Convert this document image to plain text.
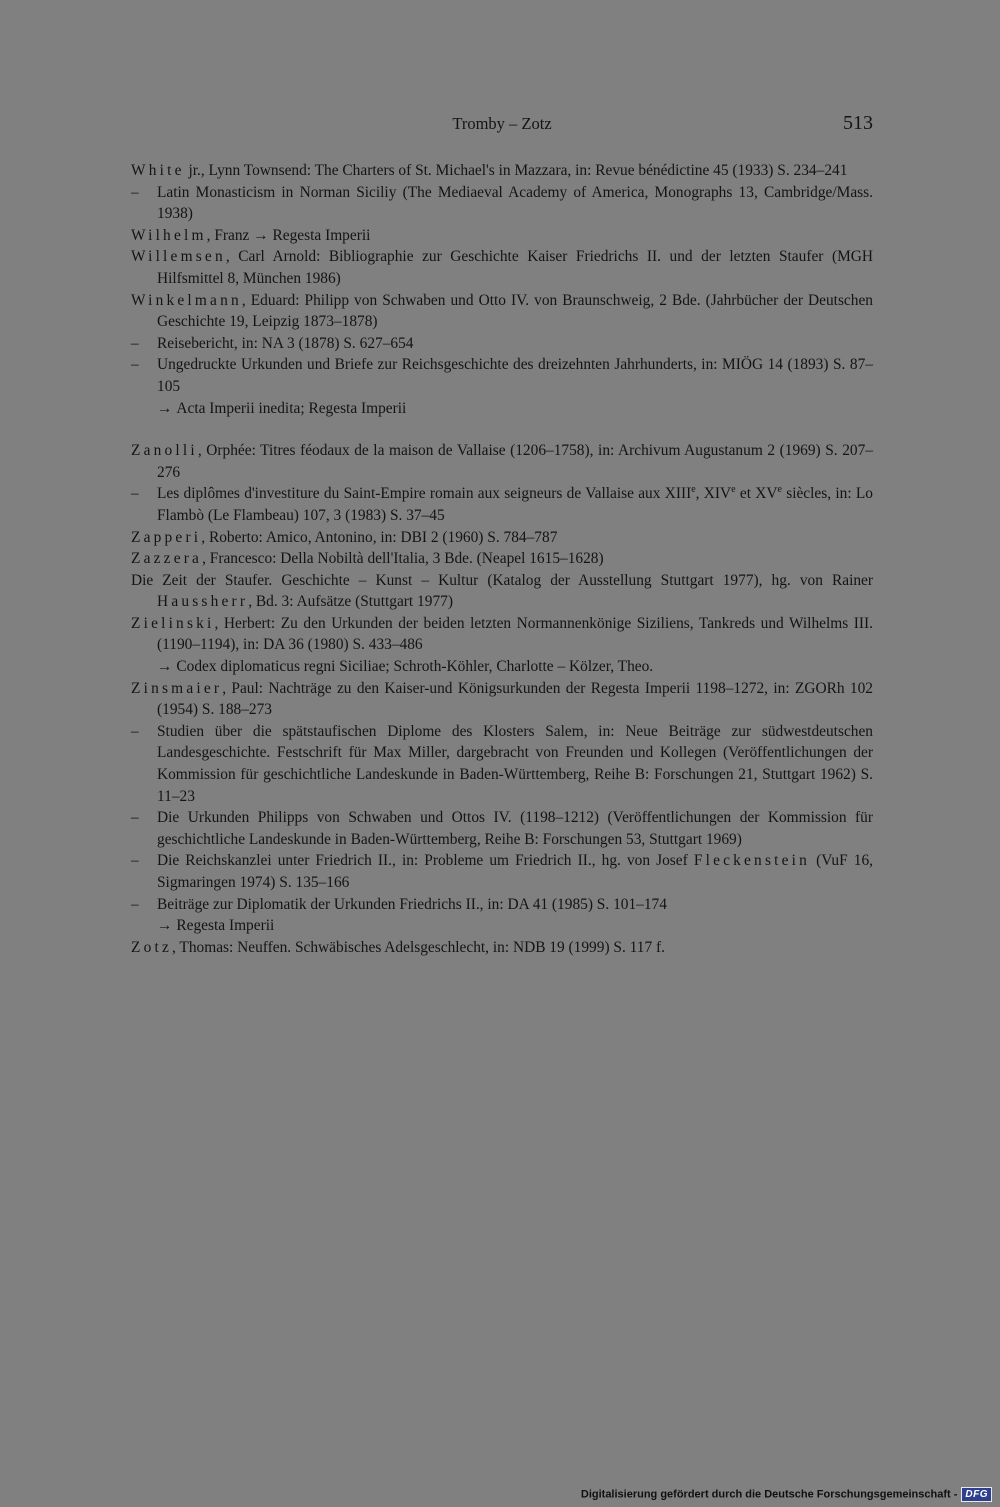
Tromby – Zotz	513

White jr., Lynn Townsend: The Charters of St. Michael's in Mazzara, in: Revue bénédictine 45 (1933) S. 234–241

– Latin Monasticism in Norman Siciliy (The Mediaeval Academy of America, Monographs 13, Cambridge/Mass. 1938)

Wilhelm, Franz → Regesta Imperii

Willemsen, Carl Arnold: Bibliographie zur Geschichte Kaiser Friedrichs II. und der letzten Staufer (MGH Hilfsmittel 8, München 1986)

Winkelmann, Eduard: Philipp von Schwaben und Otto IV. von Braunschweig, 2 Bde. (Jahrbücher der Deutschen Geschichte 19, Leipzig 1873–1878)

– Reisebericht, in: NA 3 (1878) S. 627–654

– Ungedruckte Urkunden und Briefe zur Reichsgeschichte des dreizehnten Jahrhunderts, in: MIÖG 14 (1893) S. 87–105

→ Acta Imperii inedita; Regesta Imperii

Zanolli, Orphée: Titres féodaux de la maison de Vallaise (1206–1758), in: Archivum Augustanum 2 (1969) S. 207–276

– Les diplômes d'investiture du Saint-Empire romain aux seigneurs de Vallaise aux XIIIe, XIVe et XVe siècles, in: Lo Flambò (Le Flambeau) 107, 3 (1983) S. 37–45

Zapperi, Roberto: Amico, Antonino, in: DBI 2 (1960) S. 784–787

Zazzera, Francesco: Della Nobiltà dell'Italia, 3 Bde. (Neapel 1615–1628)

Die Zeit der Staufer. Geschichte – Kunst – Kultur (Katalog der Ausstellung Stuttgart 1977), hg. von Rainer Haussherr, Bd. 3: Aufsätze (Stuttgart 1977)

Zielinski, Herbert: Zu den Urkunden der beiden letzten Normannenkönige Siziliens, Tankreds und Wilhelms III. (1190–1194), in: DA 36 (1980) S. 433–486

→ Codex diplomaticus regni Siciliae; Schroth-Köhler, Charlotte – Kölzer, Theo.

Zinsmaier, Paul: Nachträge zu den Kaiser-und Königsurkunden der Regesta Imperii 1198–1272, in: ZGORh 102 (1954) S. 188–273

– Studien über die spätstaufischen Diplome des Klosters Salem, in: Neue Beiträge zur südwestdeutschen Landesgeschichte. Festschrift für Max Miller, dargebracht von Freunden und Kollegen (Veröffentlichungen der Kommission für geschichtliche Landeskunde in Baden-Württemberg, Reihe B: Forschungen 21, Stuttgart 1962) S. 11–23

– Die Urkunden Philipps von Schwaben und Ottos IV. (1198–1212) (Veröffentlichungen der Kommission für geschichtliche Landeskunde in Baden-Württemberg, Reihe B: Forschungen 53, Stuttgart 1969)

– Die Reichskanzlei unter Friedrich II., in: Probleme um Friedrich II., hg. von Josef Fleckenstein (VuF 16, Sigmaringen 1974) S. 135–166

– Beiträge zur Diplomatik der Urkunden Friedrichs II., in: DA 41 (1985) S. 101–174

→ Regesta Imperii

Zotz, Thomas: Neuffen. Schwäbisches Adelsgeschlecht, in: NDB 19 (1999) S. 117 f.

Digitalisierung gefördert durch die Deutsche Forschungsgemeinschaft - DFG
